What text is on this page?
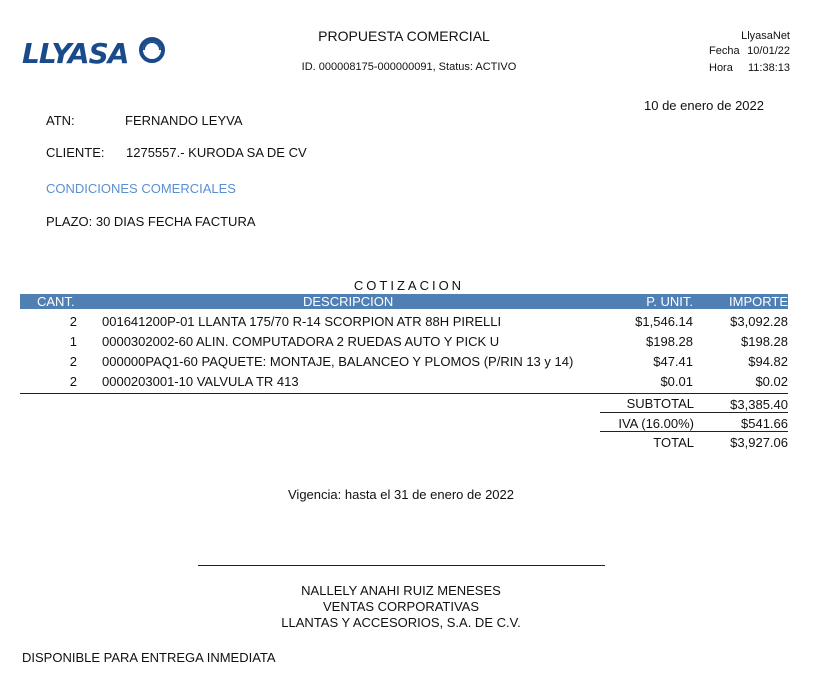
LLYASA
PROPUESTA COMERCIAL
ID. 000008175-000000091, Status: ACTIVO
LlyasaNet
Fecha 10/01/22
Hora 11:38:13
10 de enero de 2022
ATN:	FERNANDO LEYVA
CLIENTE: 1275557.- KURODA SA DE CV
CONDICIONES COMERCIALES
PLAZO: 30 DIAS FECHA FACTURA
COTIZACION
CANT.	DESCRIPCION	P. UNIT.	IMPORTE
2 001641200P-01 LLANTA 175/70 R-14 SCORPION ATR 88H PIRELLI	$1,546.14	$3,092.28
1 0000302002-60 ALIN. COMPUTADORA 2 RUEDAS AUTO Y PICK U	$198.28	$198.28
2 000000PAQ1-60 PAQUETE: MONTAJE, BALANCEO Y PLOMOS (P/RIN 13 y 14)	$47.41	$94.82
2 0000203001-10 VALVULA TR 413	$0.01	$0.02
SUBTOTAL	$3,385.40
IVA (16.00%)	$541.66
TOTAL	$3,927.06
Vigencia: hasta el 31 de enero de 2022
NALLELY ANAHI RUIZ MENESES
VENTAS CORPORATIVAS
LLANTAS Y ACCESORIOS, S.A. DE C.V.
DISPONIBLE PARA ENTREGA INMEDIATA
